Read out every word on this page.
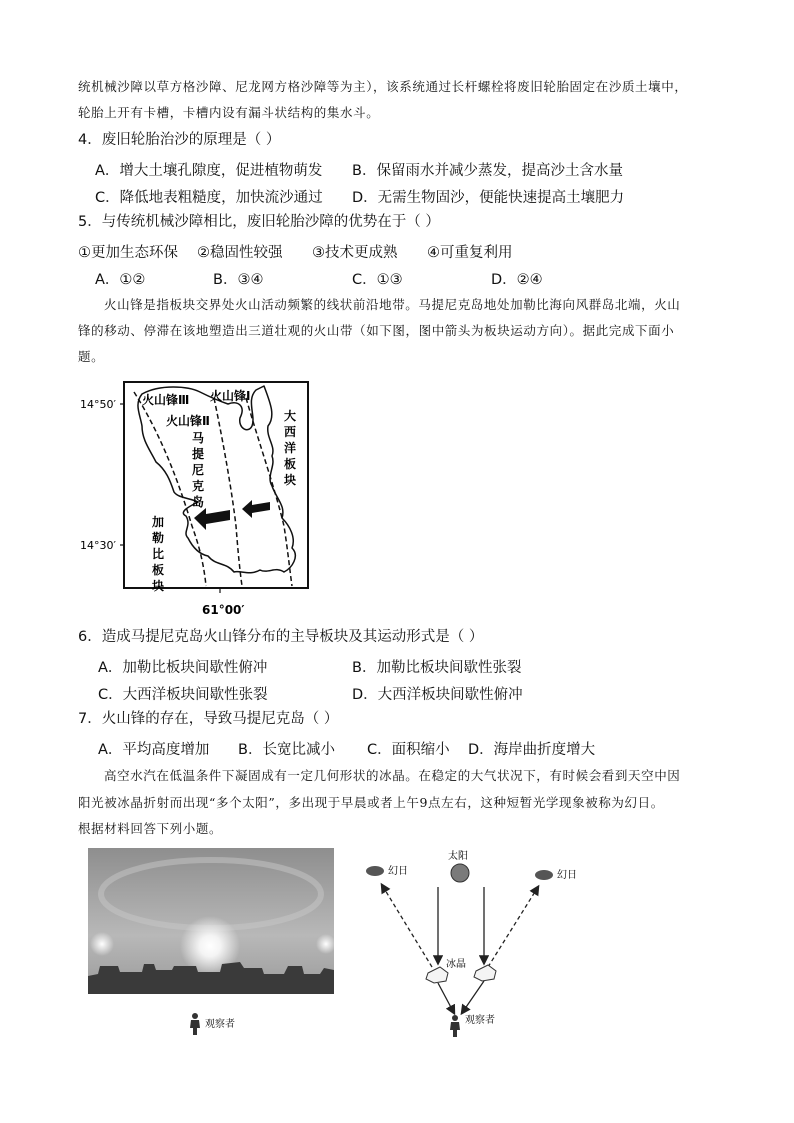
统机械沙障以草方格沙障、尼龙网方格沙障等为主），该系统通过长杆螺栓将废旧轮胎固定在沙质土壤中，
轮胎上开有卡槽，卡槽内设有漏斗状结构的集水斗。
4．废旧轮胎治沙的原理是（ ）
A．增大土壤孔隙度，促进植物萌发 B．保留雨水并减少蒸发，提高沙土含水量
C．降低地表粗糙度，加快流沙通过 D．无需生物固沙，便能快速提高土壤肥力
5．与传统机械沙障相比，废旧轮胎沙障的优势在于（ ）
①更加生态环保 ②稳固性较强 ③技术更成熟 ④可重复利用
A．①②	B．③④	C．①③	D．②④
火山锋是指板块交界处火山活动频繁的线状前沿地带。马提尼克岛地处加勒比海向风群岛北端，火山
锋的移动、停滞在该地塑造出三道壮观的火山带（如下图，图中箭头为板块运动方向）。据此完成下面小
题。
14°50′
14°30′
61°00′
火山锋Ⅲ
火山锋Ⅱ
火山锋Ⅰ
马
提
尼
克
岛
大
西
洋
板
块
加
勒
比
板
块
6．造成马提尼克岛火山锋分布的主导板块及其运动形式是（ ）
A．加勒比板块间歇性俯冲	B．加勒比板块间歇性张裂
C．大西洋板块间歇性张裂	D．大西洋板块间歇性俯冲
7．火山锋的存在，导致马提尼克岛（ ）
A．平均高度增加 B．长宽比减小 C．面积缩小 D．海岸曲折度增大
高空水汽在低温条件下凝固成有一定几何形状的冰晶。在稳定的大气状况下，有时候会看到天空中因
阳光被冰晶折射而出现“多个太阳”，多出现于早晨或者上午9点左右，这种短暂光学现象被称为幻日。
根据材料回答下列小题。
太阳
幻日	幻日
冰晶
观察者	观察者
